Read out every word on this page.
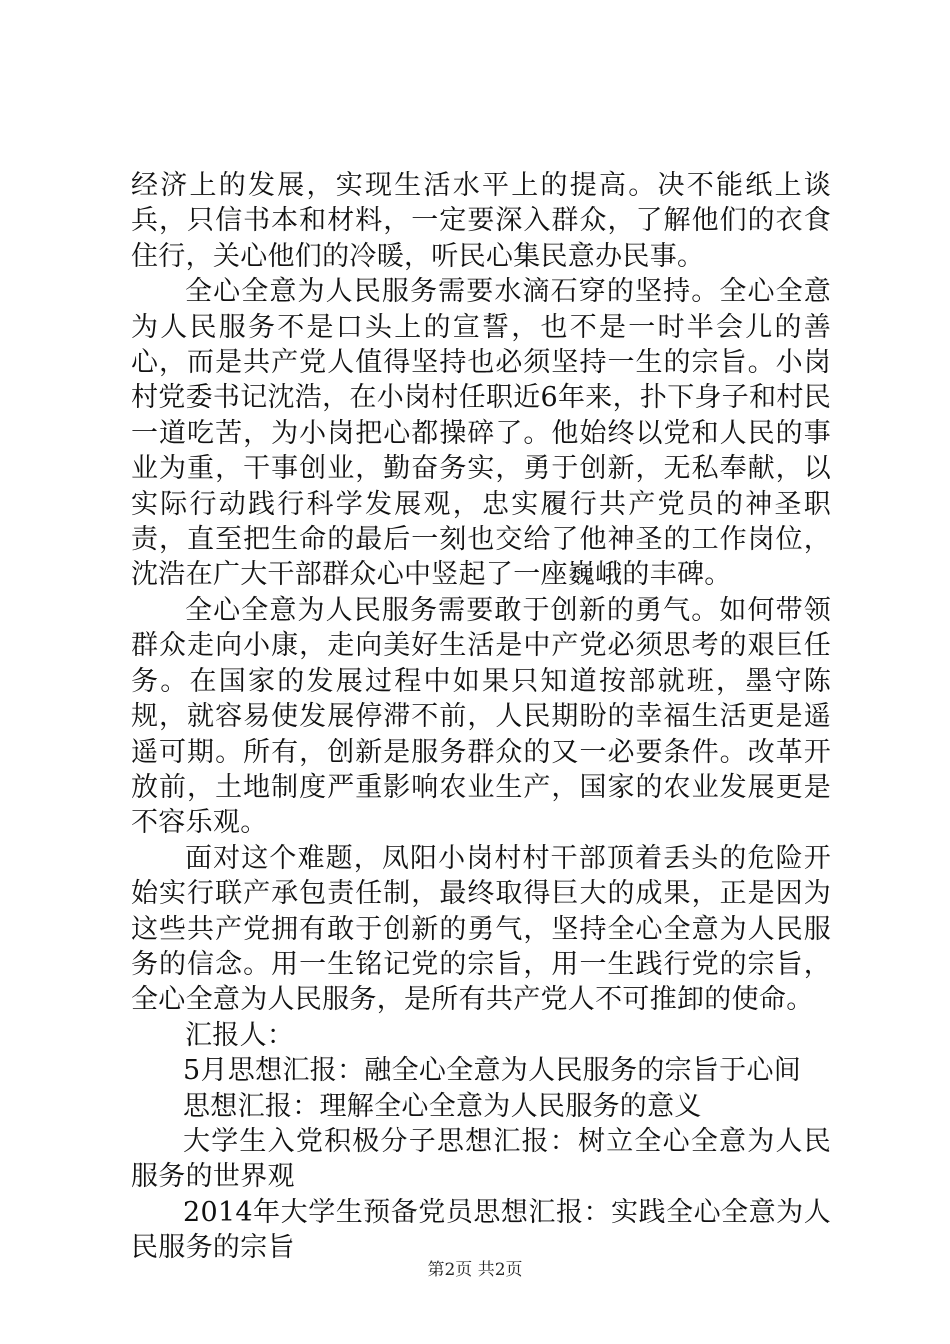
经济上的发展，实现生活水平上的提高。决不能纸上谈兵，只信书本和材料，一定要深入群众，了解他们的衣食住行，关心他们的冷暖，听民心集民意办民事。

全心全意为人民服务需要水滴石穿的坚持。全心全意为人民服务不是口头上的宣誓，也不是一时半会儿的善心，而是共产党人值得坚持也必须坚持一生的宗旨。小岗村党委书记沈浩，在小岗村任职近6年来，扑下身子和村民一道吃苦，为小岗把心都操碎了。他始终以党和人民的事业为重，干事创业，勤奋务实，勇于创新，无私奉献，以实际行动践行科学发展观，忠实履行共产党员的神圣职责，直至把生命的最后一刻也交给了他神圣的工作岗位，沈浩在广大干部群众心中竖起了一座巍峨的丰碑。

全心全意为人民服务需要敢于创新的勇气。如何带领群众走向小康，走向美好生活是中产党必须思考的艰巨任务。在国家的发展过程中如果只知道按部就班，墨守陈规，就容易使发展停滞不前，人民期盼的幸福生活更是遥遥可期。所有，创新是服务群众的又一必要条件。改革开放前，土地制度严重影响农业生产，国家的农业发展更是不容乐观。

面对这个难题，凤阳小岗村村干部顶着丢头的危险开始实行联产承包责任制，最终取得巨大的成果，正是因为这些共产党拥有敢于创新的勇气，坚持全心全意为人民服务的信念。用一生铭记党的宗旨，用一生践行党的宗旨，全心全意为人民服务，是所有共产党人不可推卸的使命。

汇报人：

5月思想汇报：融全心全意为人民服务的宗旨于心间

思想汇报：理解全心全意为人民服务的意义

大学生入党积极分子思想汇报：树立全心全意为人民服务的世界观

2014年大学生预备党员思想汇报：实践全心全意为人民服务的宗旨

第2页 共2页
